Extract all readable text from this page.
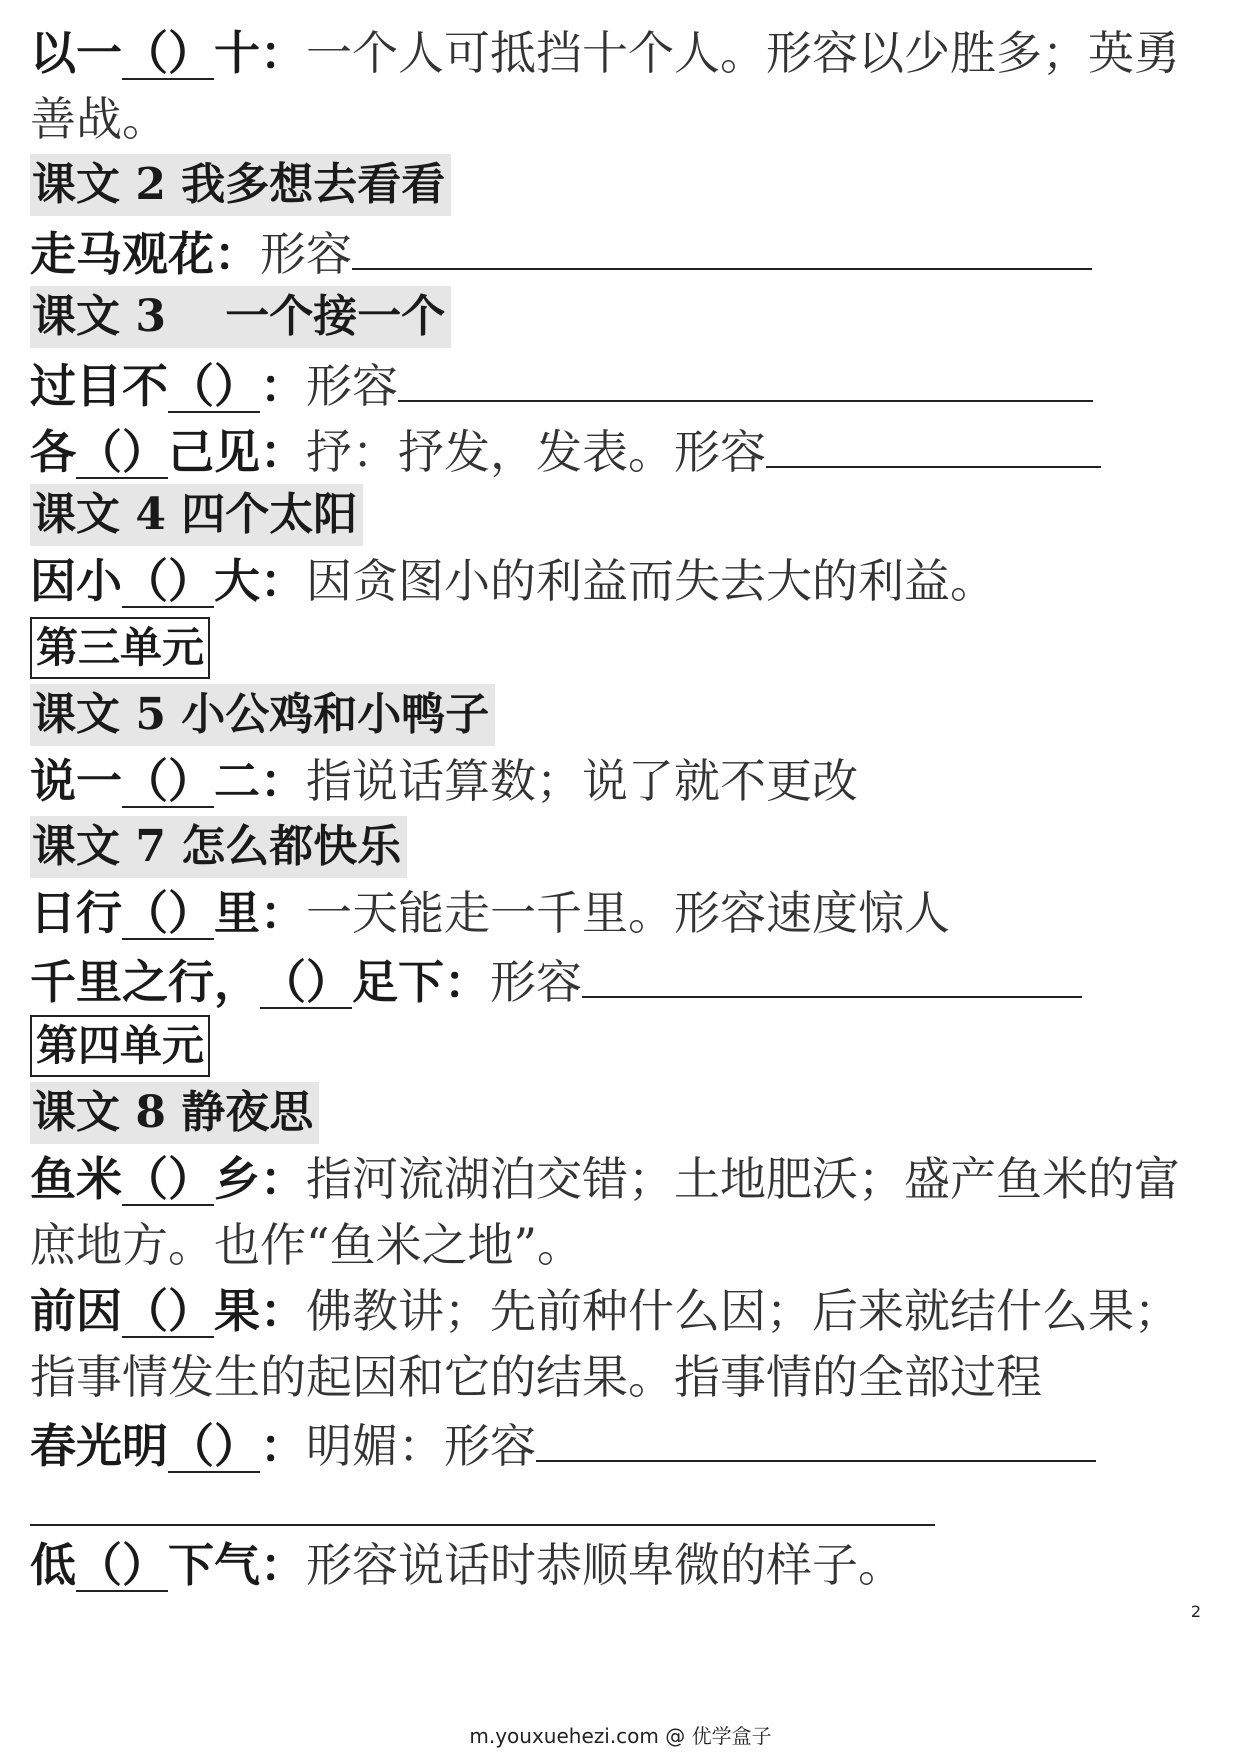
以一（）十：一个人可抵挡十个人。形容以少胜多；英勇善战。
课文 2 我多想去看看
走马观花：形容
课文 3　 一个接一个
过目不（）：形容
各（）己见：抒：抒发，发表。形容
课文 4 四个太阳
因小（）大：因贪图小的利益而失去大的利益。
第三单元
课文 5 小公鸡和小鸭子
说一（）二：指说话算数；说了就不更改
课文 7 怎么都快乐
日行（）里：一天能走一千里。形容速度惊人
千里之行，（）足下：形容
第四单元
课文 8 静夜思
鱼米（）乡：指河流湖泊交错；土地肥沃；盛产鱼米的富庶地方。也作“鱼米之地”。
前因（）果：佛教讲；先前种什么因；后来就结什么果；指事情发生的起因和它的结果。指事情的全部过程
春光明（）：明媚：形容
低（）下气：形容说话时恭顺卑微的样子。
2
m.youxuehezi.com @ 优学盒子
